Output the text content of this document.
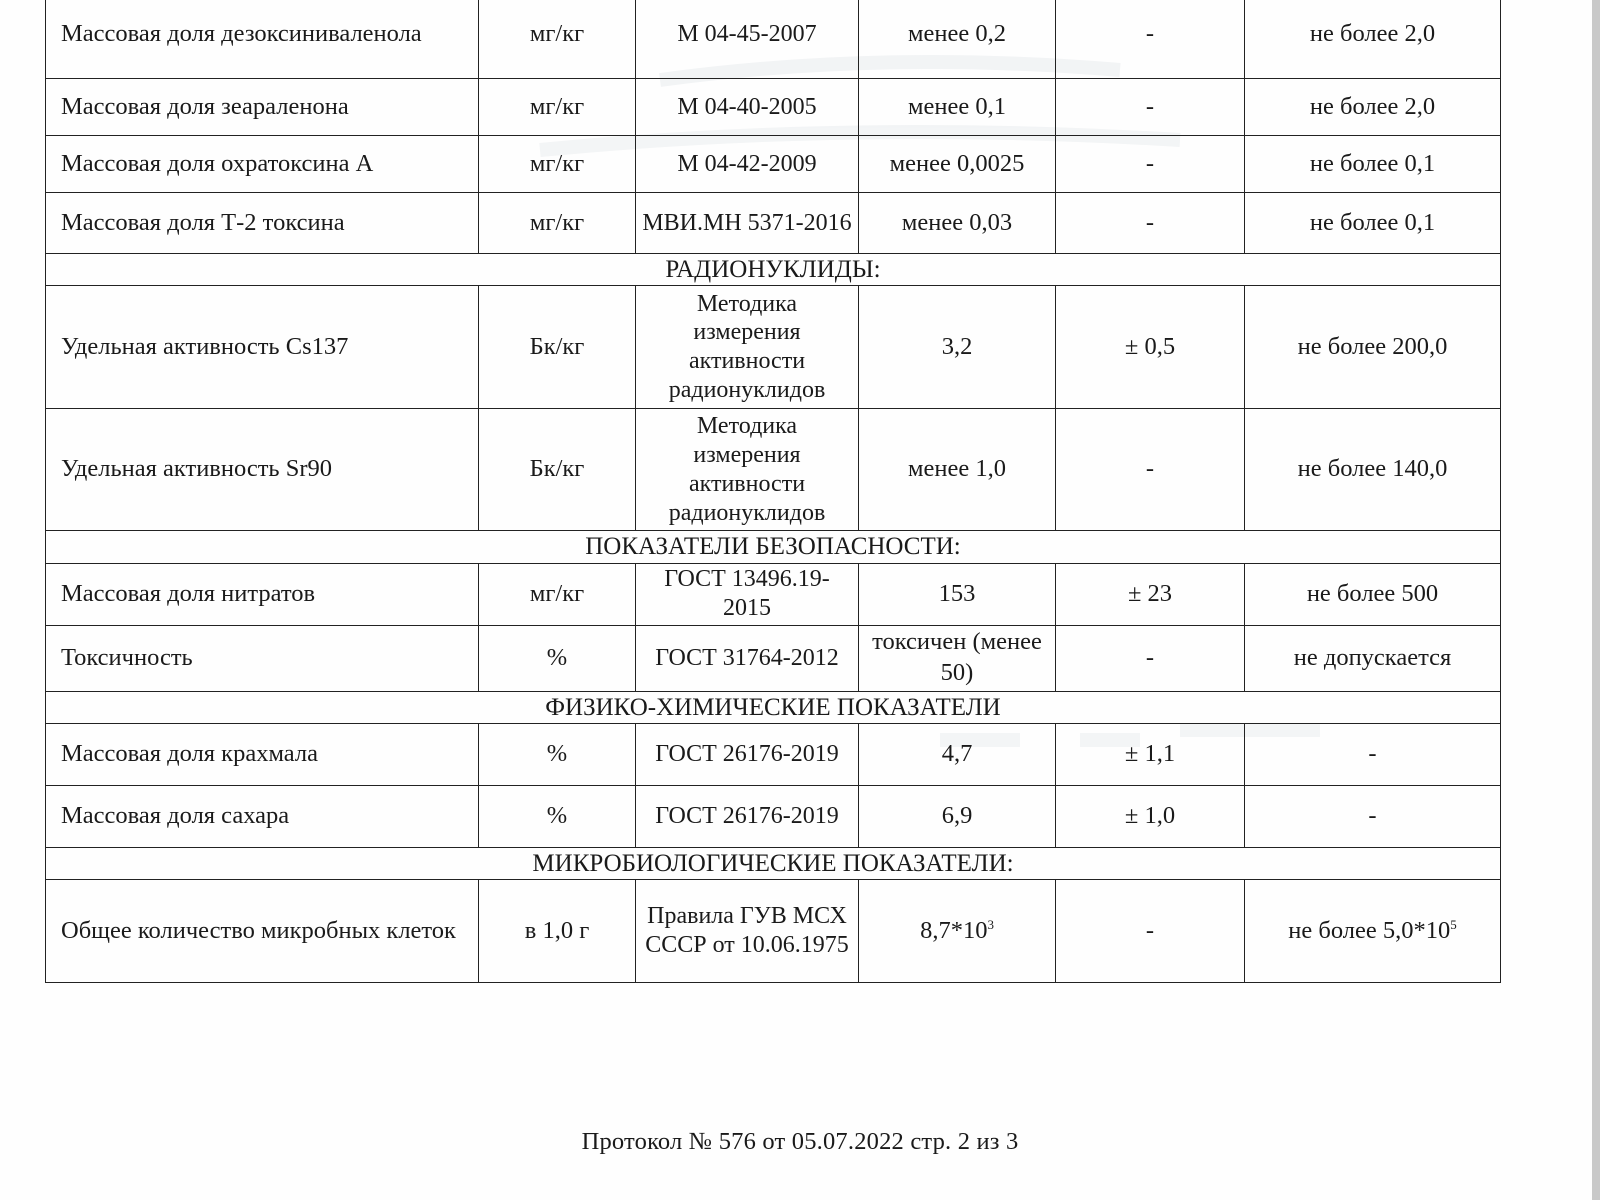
Массовая доля дезоксиниваленола	мг/кг	М 04-45-2007	менее 0,2	-	не более 2,0
Массовая доля зеараленона	мг/кг	М 04-40-2005	менее 0,1	-	не более 2,0
Массовая доля охратоксина А	мг/кг	М 04-42-2009	менее 0,0025	-	не более 0,1
Массовая доля Т-2 токсина	мг/кг	МВИ.МН 5371-2016	менее 0,03	-	не более 0,1
РАДИОНУКЛИДЫ:					
Удельная активность Cs137	Бк/кг	Методика измерения активности радионуклидов	3,2	± 0,5	не более 200,0
Удельная активность Sr90	Бк/кг	Методика измерения активности радионуклидов	менее 1,0	-	не более 140,0
ПОКАЗАТЕЛИ БЕЗОПАСНОСТИ:					
Массовая доля нитратов	мг/кг	ГОСТ 13496.19-2015	153	± 23	не более 500
Токсичность	%	ГОСТ 31764-2012	токсичен (менее 50)	-	не допускается
ФИЗИКО-ХИМИЧЕСКИЕ ПОКАЗАТЕЛИ					
Массовая доля крахмала	%	ГОСТ 26176-2019	4,7	± 1,1	-
Массовая доля сахара	%	ГОСТ 26176-2019	6,9	± 1,0	-
МИКРОБИОЛОГИЧЕСКИЕ ПОКАЗАТЕЛИ:					
Общее количество микробных клеток	в 1,0 г	Правила ГУВ МСХ СССР от 10.06.1975	$8,7*10^3$	-	не более $5,0*10^5$
Протокол № 576 от 05.07.2022 стр. 2 из 3
